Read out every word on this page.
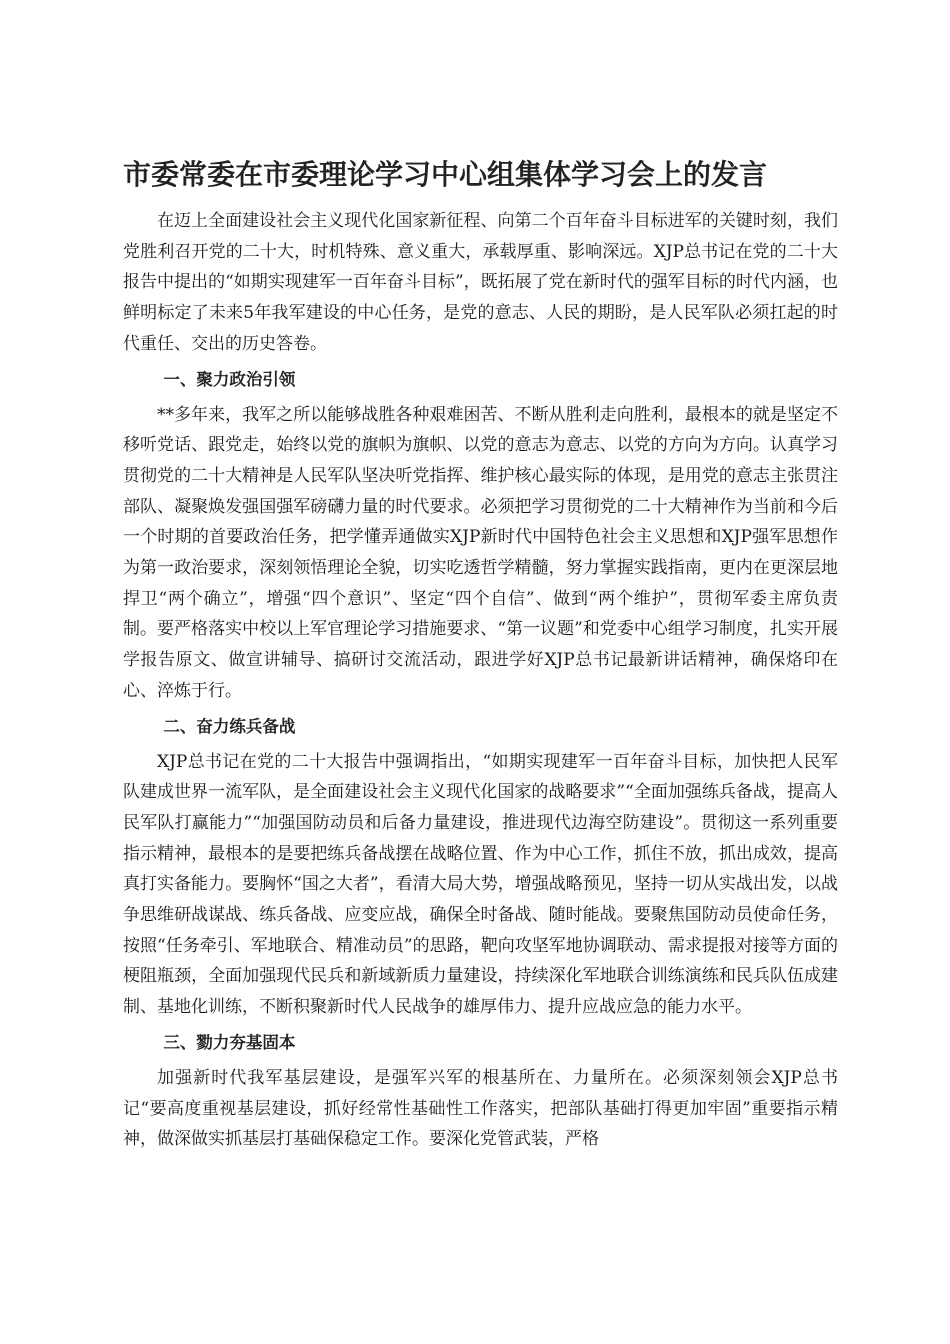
市委常委在市委理论学习中心组集体学习会上的发言

在迈上全面建设社会主义现代化国家新征程、向第二个百年奋斗目标进军的关键时刻，我们党胜利召开党的二十大，时机特殊、意义重大，承载厚重、影响深远。XJP总书记在党的二十大报告中提出的“如期实现建军一百年奋斗目标”，既拓展了党在新时代的强军目标的时代内涵，也鲜明标定了未来5年我军建设的中心任务，是党的意志、人民的期盼，是人民军队必须扛起的时代重任、交出的历史答卷。

一、聚力政治引领

**多年来，我军之所以能够战胜各种艰难困苦、不断从胜利走向胜利，最根本的就是坚定不移听党话、跟党走，始终以党的旗帜为旗帜、以党的意志为意志、以党的方向为方向。认真学习贯彻党的二十大精神是人民军队坚决听党指挥、维护核心最实际的体现，是用党的意志主张贯注部队、凝聚焕发强国强军磅礴力量的时代要求。必须把学习贯彻党的二十大精神作为当前和今后一个时期的首要政治任务，把学懂弄通做实XJP新时代中国特色社会主义思想和XJP强军思想作为第一政治要求，深刻领悟理论全貌，切实吃透哲学精髓，努力掌握实践指南，更内在更深层地捍卫“两个确立”，增强“四个意识”、坚定“四个自信”、做到“两个维护”，贯彻军委主席负责制。要严格落实中校以上军官理论学习措施要求、“第一议题”和党委中心组学习制度，扎实开展学报告原文、做宣讲辅导、搞研讨交流活动，跟进学好XJP总书记最新讲话精神，确保烙印在心、淬炼于行。

二、奋力练兵备战

XJP总书记在党的二十大报告中强调指出，“如期实现建军一百年奋斗目标，加快把人民军队建成世界一流军队，是全面建设社会主义现代化国家的战略要求”“全面加强练兵备战，提高人民军队打赢能力”“加强国防动员和后备力量建设，推进现代边海空防建设”。贯彻这一系列重要指示精神，最根本的是要把练兵备战摆在战略位置、作为中心工作，抓住不放，抓出成效，提高真打实备能力。要胸怀“国之大者”，看清大局大势，增强战略预见，坚持一切从实战出发，以战争思维研战谋战、练兵备战、应变应战，确保全时备战、随时能战。要聚焦国防动员使命任务，按照“任务牵引、军地联合、精准动员”的思路，靶向攻坚军地协调联动、需求提报对接等方面的梗阻瓶颈，全面加强现代民兵和新域新质力量建设，持续深化军地联合训练演练和民兵队伍成建制、基地化训练，不断积聚新时代人民战争的雄厚伟力、提升应战应急的能力水平。

三、勠力夯基固本

加强新时代我军基层建设，是强军兴军的根基所在、力量所在。必须深刻领会XJP总书记“要高度重视基层建设，抓好经常性基础性工作落实，把部队基础打得更加牢固”重要指示精神，做深做实抓基层打基础保稳定工作。要深化党管武装，严格
